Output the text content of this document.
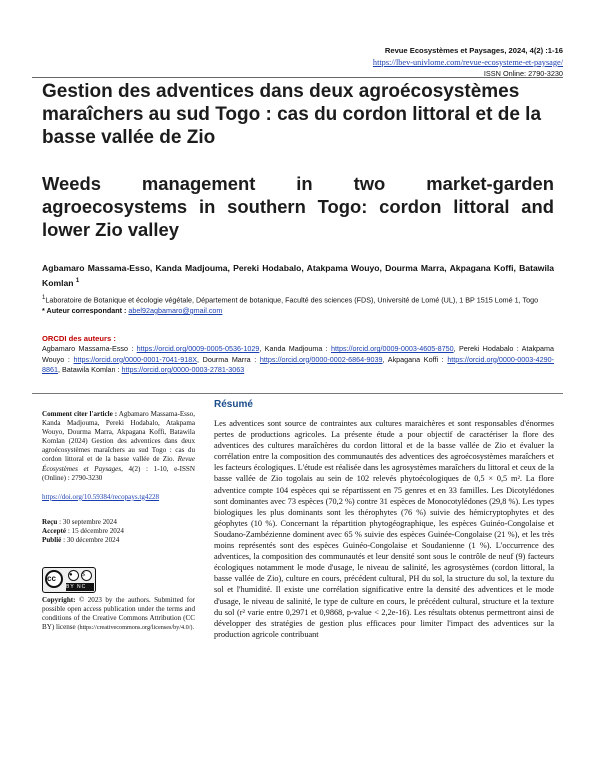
Revue Ecosystèmes et Paysages, 2024, 4(2) :1-16
https://lbev-univlome.com/revue-ecosysteme-et-paysage/
ISSN Online: 2790-3230
Gestion des adventices dans deux agroécosystèmes maraîchers au sud Togo : cas du cordon littoral et de la basse vallée de Zio
Weeds management in two market-garden agroecosystems in southern Togo: cordon littoral and lower Zio valley
Agbamaro Massama-Esso, Kanda Madjouma, Pereki Hodabalo, Atakpama Wouyo, Dourma Marra, Akpagana Koffi, Batawila Komlan $^1$
$^1$Laboratoire de Botanique et écologie végétale, Département de botanique, Faculté des sciences (FDS), Université de Lomé (UL), 1 BP 1515 Lomé 1, Togo
* Auteur correspondant : abel92agbamaro@gmail.com
ORCDI des auteurs :
Agbamaro Massama-Esso : https://orcid.org/0009-0005-0536-1029, Kanda Madjouma : https://orcid.org/0009-0003-4605-8750, Pereki Hodabalo : Atakpama Wouyo : https://orcid.org/0000-0001-7041-918X, Dourma Marra : https://orcid.org/0000-0002-6864-9039, Akpagana Koffi : https://orcid.org/0000-0003-4290-8861, Batawila Komlan : https://orcid.org/0000-0003-2781-3063
Comment citer l'article : Agbamaro Massama-Esso, Kanda Madjouma, Pereki Hodabalo, Atakpama Wouyo, Dourma Marra, Akpagana Koffi, Batawila Komlan (2024) Gestion des adventices dans deux agroécosystèmes maraîchers au sud Togo : cas du cordon littoral et de la basse vallée de Zio. Revue Écosystèmes et Paysages, 4(2) : 1-10, e-ISSN (Online) : 2790-3230
https://doi.org/10.59384/recopays.tg4228
Reçu : 30 septembre 2024
Accepté : 15 décembre 2024
Publié : 30 décembre 2024
cc	●	$
BY NC
Copyright: © 2023 by the authors. Submitted for possible open access publication under the terms and conditions of the Creative Commons Attribution (CC BY) license (https://creativecommons.org/licenses/by/4.0/).
Résumé

Les adventices sont source de contraintes aux cultures maraichères et sont responsables d'énormes pertes de productions agricoles. La présente étude a pour objectif de caractériser la flore des adventices des cultures maraîchères du cordon littoral et de la basse vallée de Zio et évaluer la corrélation entre la composition des communautés des adventices des agroécosystèmes maraîchers et les facteurs écologiques. L'étude est réalisée dans les agrosystèmes maraîchers du littoral et ceux de la basse vallée de Zio togolais au sein de 102 relevés phytoécologiques de 0,5 × 0,5 m². La flore adventice compte 104 espèces qui se répartissent en 75 genres et en 33 familles. Les Dicotylédones sont dominantes avec 73 espèces (70,2 %) contre 31 espèces de Monocotylédones (29,8 %). Les types biologiques les plus dominants sont les thérophytes (76 %) suivie des hémicryptophytes et des géophytes (10 %). Concernant la répartition phytogéographique, les espèces Guinéo-Congolaise et Soudano-Zambézienne dominent avec 65 % suivie des espèces Guinée-Congolaise (21 %), et les très moins représentés sont des espèces Guinéo-Congolaise et Soudanienne (1 %). L'occurrence des adventices, la composition des communautés et leur densité sont sous le contrôle de neuf (9) facteurs écologiques notamment le mode d'usage, le niveau de salinité, les agrosystèmes (cordon littoral, la basse vallée de Zio), culture en cours, précédent cultural, PH du sol, la structure du sol, la texture du sol et l'humidité. Il existe une corrélation significative entre la densité des adventices et le mode d'usage, le niveau de salinité, le type de culture en cours, le précédent cultural, structure et la texture du sol (r² varie entre 0,2971 et 0,9868, p-value < 2,2e-16). Les résultats obtenus permettront ainsi de développer des stratégies de gestion plus efficaces pour limiter l'impact des adventices sur la production agricole contribuant
